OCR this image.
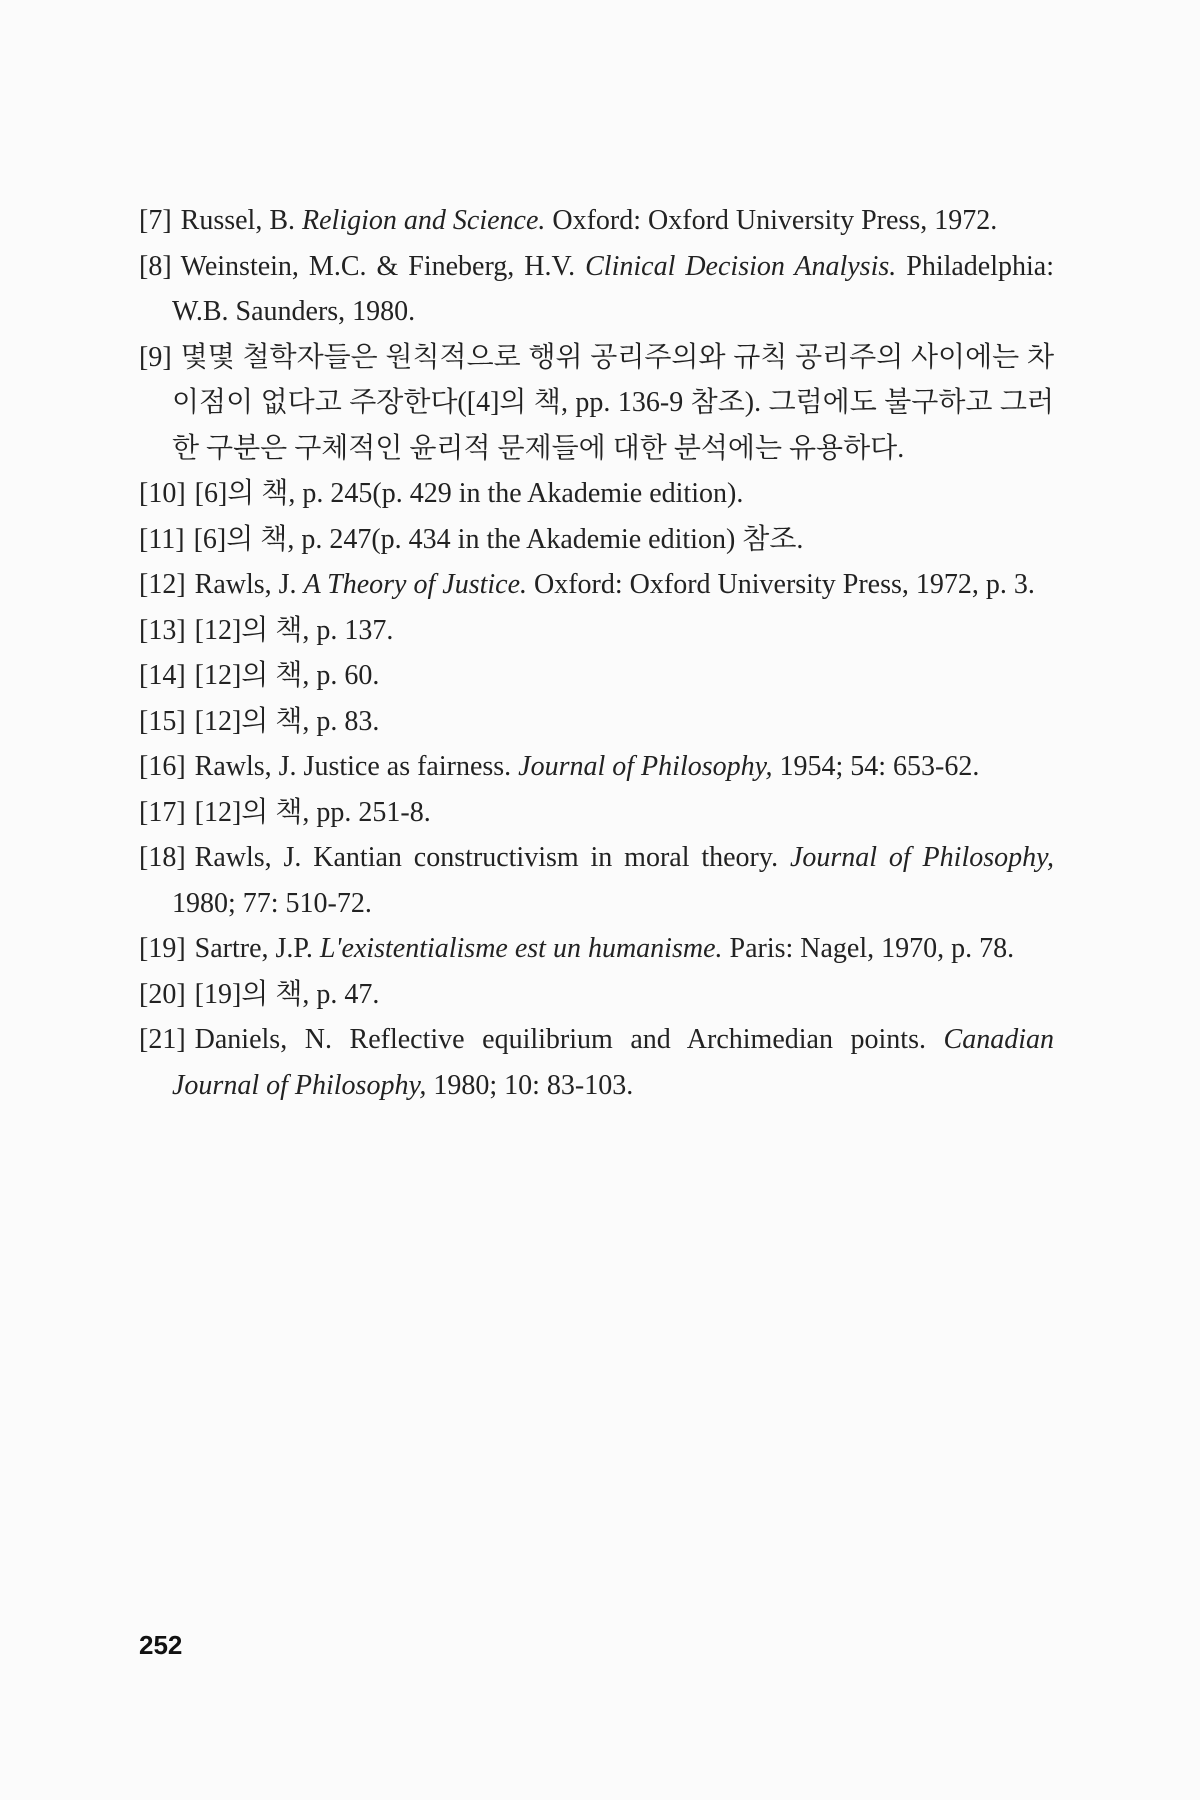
[7] Russel, B. Religion and Science. Oxford: Oxford University Press, 1972.

[8] Weinstein, M.C. & Fineberg, H.V. Clinical Decision Analysis. Philadelphia: W.B. Saunders, 1980.

[9] 몇몇 철학자들은 원칙적으로 행위 공리주의와 규칙 공리주의 사이에는 차이점이 없다고 주장한다([4]의 책, pp. 136-9 참조). 그럼에도 불구하고 그러한 구분은 구체적인 윤리적 문제들에 대한 분석에는 유용하다.

[10] [6]의 책, p. 245(p. 429 in the Akademie edition).

[11] [6]의 책, p. 247(p. 434 in the Akademie edition) 참조.

[12] Rawls, J. A Theory of Justice. Oxford: Oxford University Press, 1972, p. 3.

[13] [12]의 책, p. 137.

[14] [12]의 책, p. 60.

[15] [12]의 책, p. 83.

[16] Rawls, J. Justice as fairness. Journal of Philosophy, 1954; 54: 653-62.

[17] [12]의 책, pp. 251-8.

[18] Rawls, J. Kantian constructivism in moral theory. Journal of Philosophy, 1980; 77: 510-72.

[19] Sartre, J.P. L'existentialisme est un humanisme. Paris: Nagel, 1970, p. 78.

[20] [19]의 책, p. 47.

[21] Daniels, N. Reflective equilibrium and Archimedian points. Canadian Journal of Philosophy, 1980; 10: 83-103.

252
